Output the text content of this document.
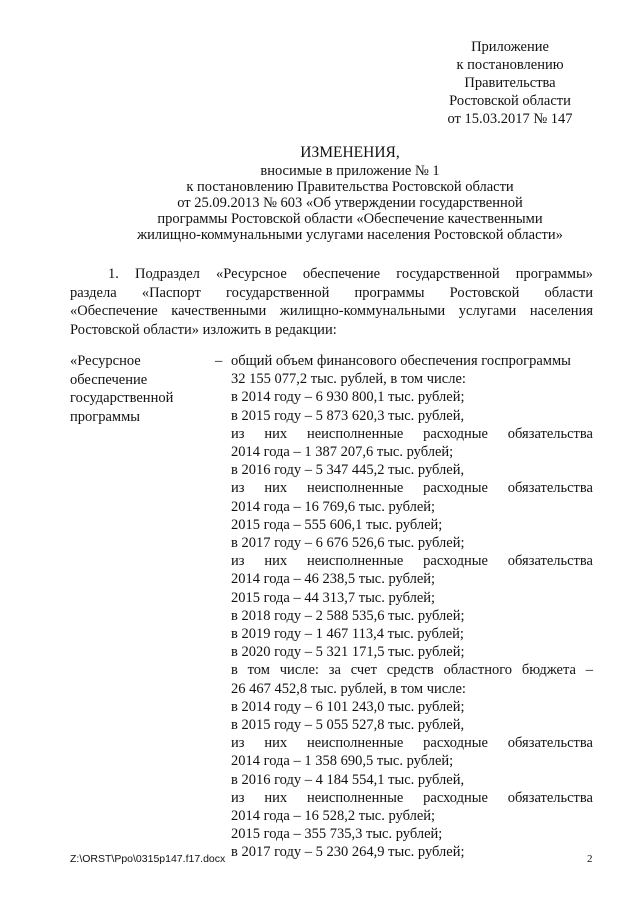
Приложение
к постановлению
Правительства
Ростовской области
от 15.03.2017 № 147
ИЗМЕНЕНИЯ,
вносимые в приложение № 1
к постановлению Правительства Ростовской области
от 25.09.2013 № 603 «Об утверждении государственной
программы Ростовской области «Обеспечение качественными
жилищно-коммунальными услугами населения Ростовской области»
1. Подраздел «Ресурсное обеспечение государственной программы»
раздела «Паспорт государственной программы Ростовской области
«Обеспечение качественными жилищно-коммунальными услугами населения
Ростовской области» изложить в редакции:
«Ресурсное
обеспечение
государственной
программы
– общий объем финансового обеспечения госпрограммы
32 155 077,2 тыс. рублей, в том числе:
в 2014 году – 6 930 800,1 тыс. рублей;
в 2015 году – 5 873 620,3 тыс. рублей,
из них неисполненные расходные обязательства
2014 года – 1 387 207,6 тыс. рублей;
в 2016 году – 5 347 445,2 тыс. рублей,
из них неисполненные расходные обязательства
2014 года – 16 769,6 тыс. рублей;
2015 года – 555 606,1 тыс. рублей;
в 2017 году – 6 676 526,6 тыс. рублей;
из них неисполненные расходные обязательства
2014 года – 46 238,5 тыс. рублей;
2015 года – 44 313,7 тыс. рублей;
в 2018 году – 2 588 535,6 тыс. рублей;
в 2019 году – 1 467 113,4 тыс. рублей;
в 2020 году – 5 321 171,5 тыс. рублей;
в том числе: за счет средств областного бюджета –
26 467 452,8 тыс. рублей, в том числе:
в 2014 году – 6 101 243,0 тыс. рублей;
в 2015 году – 5 055 527,8 тыс. рублей,
из них неисполненные расходные обязательства
2014 года – 1 358 690,5 тыс. рублей;
в 2016 году – 4 184 554,1 тыс. рублей,
из них неисполненные расходные обязательства
2014 года – 16 528,2 тыс. рублей;
2015 года – 355 735,3 тыс. рублей;
в 2017 году – 5 230 264,9 тыс. рублей;
Z:\ORST\Ppo\0315p147.f17.docx	2
